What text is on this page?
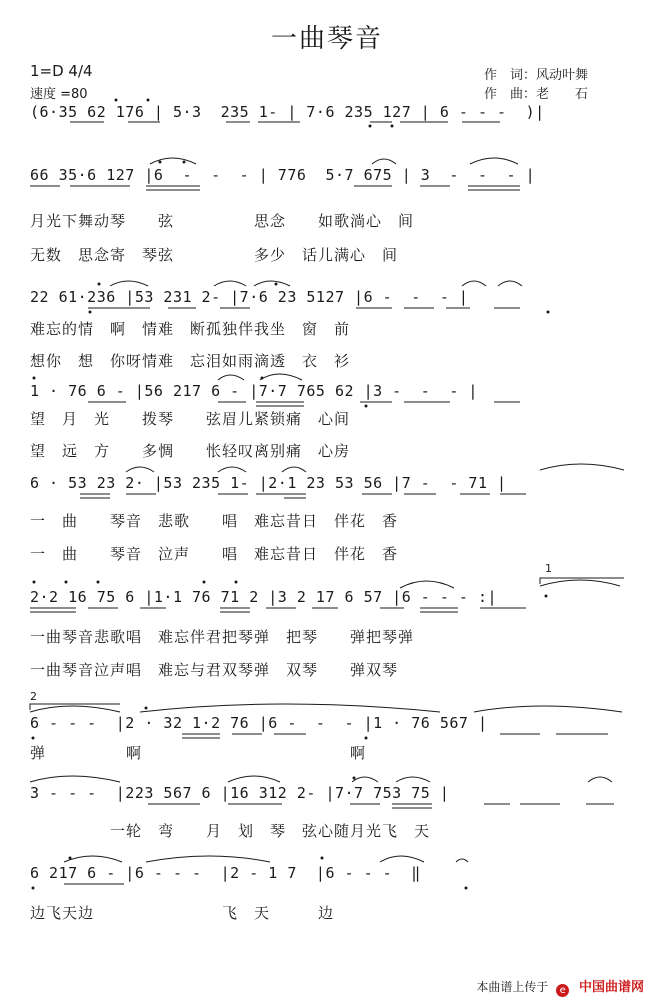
一曲琴音
1=D 4/4
速度 =80
作　词：风动叶舞
作　曲：老　　石
(6·35 62 176 | 5·3  235 1- | 7·6 235 127 | 6 - - -  )|
66 35·6 127 |6  -  -  - | 776  5·7 675 | 3  -  -  - |
月光下舞动琴　　弦　　　　　思念　　如歌淌心　间
无数　思念寄　琴弦　　　　　多少　话儿满心　间
22 61·236 |53 231 2- |7·6 23 5127 |6 -  -  - |
难忘的情　啊　情难　断孤独伴我坐　窗　前
想你　想　你呀情难　忘泪如雨滴透　衣　衫
1 · 76 6 - |56 217 6 - |7·7 765 62 |3 -  -  - |
望　月　光　　拨琴　　弦眉儿紧锁痛　心间
望　远　方　　多惆　　怅轻叹离别痛　心房
6 · 53 23 2· |53 235 1- |2·1 23 53 56 |7 -  - 71 |
一　曲　　琴音　悲歌　　唱　难忘昔日　伴花　香
一　曲　　琴音　泣声　　唱　难忘昔日　伴花　香
1
2·2 16 75 6 |1·1 76 71 2 |3 2 17 6 57 |6 - - - :|
一曲琴音悲歌唱　难忘伴君把琴弹　把琴　　弹把琴弹
一曲琴音泣声唱　难忘与君双琴弹　双琴　　弹双琴
2
6 - - -  |2 · 32 1·2 76 |6 -  -  - |1 · 76 567 |
弹　　　　　啊　　　　　　　　　　　　　啊
3 - - -  |223 567 6 |16 312 2- |7·7 753 75 |
　　　　　一轮　弯　　月　划　琴　弦心随月光飞　天
6 217 6 - |6 - - -  |2 - 1 7  |6 - - -  ‖
边飞天边　　　　　　　　飞　天　　　边
本曲谱上传于 e 中国曲谱网
